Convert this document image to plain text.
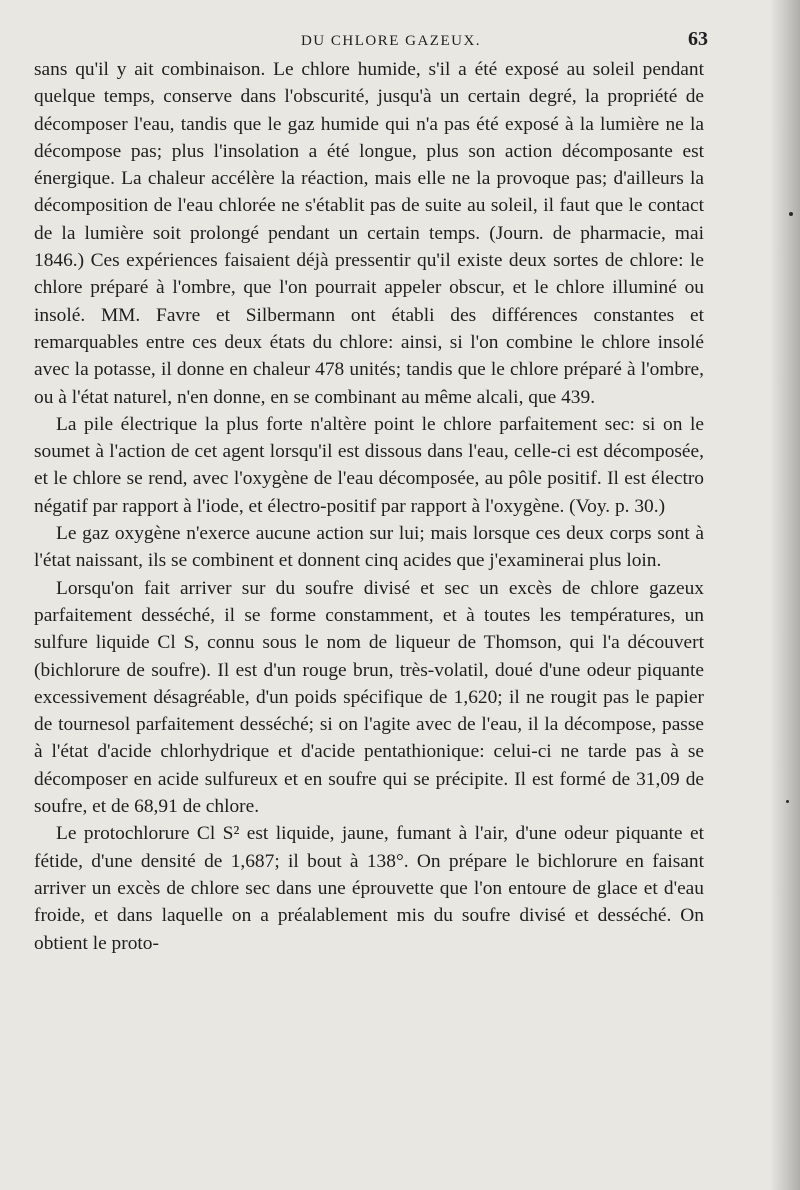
DU CHLORE GAZEUX.	63

sans qu'il y ait combinaison. Le chlore humide, s'il a été exposé au soleil pendant quelque temps, conserve dans l'obscurité, jusqu'à un certain degré, la propriété de décomposer l'eau, tandis que le gaz humide qui n'a pas été exposé à la lumière ne la décompose pas; plus l'insolation a été longue, plus son action décomposante est énergique. La chaleur accélère la réaction, mais elle ne la provoque pas; d'ailleurs la décomposition de l'eau chlorée ne s'établit pas de suite au soleil, il faut que le contact de la lumière soit prolongé pendant un certain temps. (Journ. de pharmacie, mai 1846.) Ces expériences faisaient déjà pressentir qu'il existe deux sortes de chlore: le chlore préparé à l'ombre, que l'on pourrait appeler obscur, et le chlore illuminé ou insolé. MM. Favre et Silbermann ont établi des différences constantes et remarquables entre ces deux états du chlore: ainsi, si l'on combine le chlore insolé avec la potasse, il donne en chaleur 478 unités; tandis que le chlore préparé à l'ombre, ou à l'état naturel, n'en donne, en se combinant au même alcali, que 439.

La pile électrique la plus forte n'altère point le chlore parfaitement sec: si on le soumet à l'action de cet agent lorsqu'il est dissous dans l'eau, celle-ci est décomposée, et le chlore se rend, avec l'oxygène de l'eau décomposée, au pôle positif. Il est électro négatif par rapport à l'iode, et électro-positif par rapport à l'oxygène. (Voy. p. 30.)

Le gaz oxygène n'exerce aucune action sur lui; mais lorsque ces deux corps sont à l'état naissant, ils se combinent et donnent cinq acides que j'examinerai plus loin.

Lorsqu'on fait arriver sur du soufre divisé et sec un excès de chlore gazeux parfaitement desséché, il se forme constamment, et à toutes les températures, un sulfure liquide Cl S, connu sous le nom de liqueur de Thomson, qui l'a découvert (bichlorure de soufre). Il est d'un rouge brun, très-volatil, doué d'une odeur piquante excessivement désagréable, d'un poids spécifique de 1,620; il ne rougit pas le papier de tournesol parfaitement desséché; si on l'agite avec de l'eau, il la décompose, passe à l'état d'acide chlorhydrique et d'acide pentathionique: celui-ci ne tarde pas à se décomposer en acide sulfureux et en soufre qui se précipite. Il est formé de 31,09 de soufre, et de 68,91 de chlore.

Le protochlorure Cl S² est liquide, jaune, fumant à l'air, d'une odeur piquante et fétide, d'une densité de 1,687; il bout à 138°. On prépare le bichlorure en faisant arriver un excès de chlore sec dans une éprouvette que l'on entoure de glace et d'eau froide, et dans laquelle on a préalablement mis du soufre divisé et desséché. On obtient le proto-
